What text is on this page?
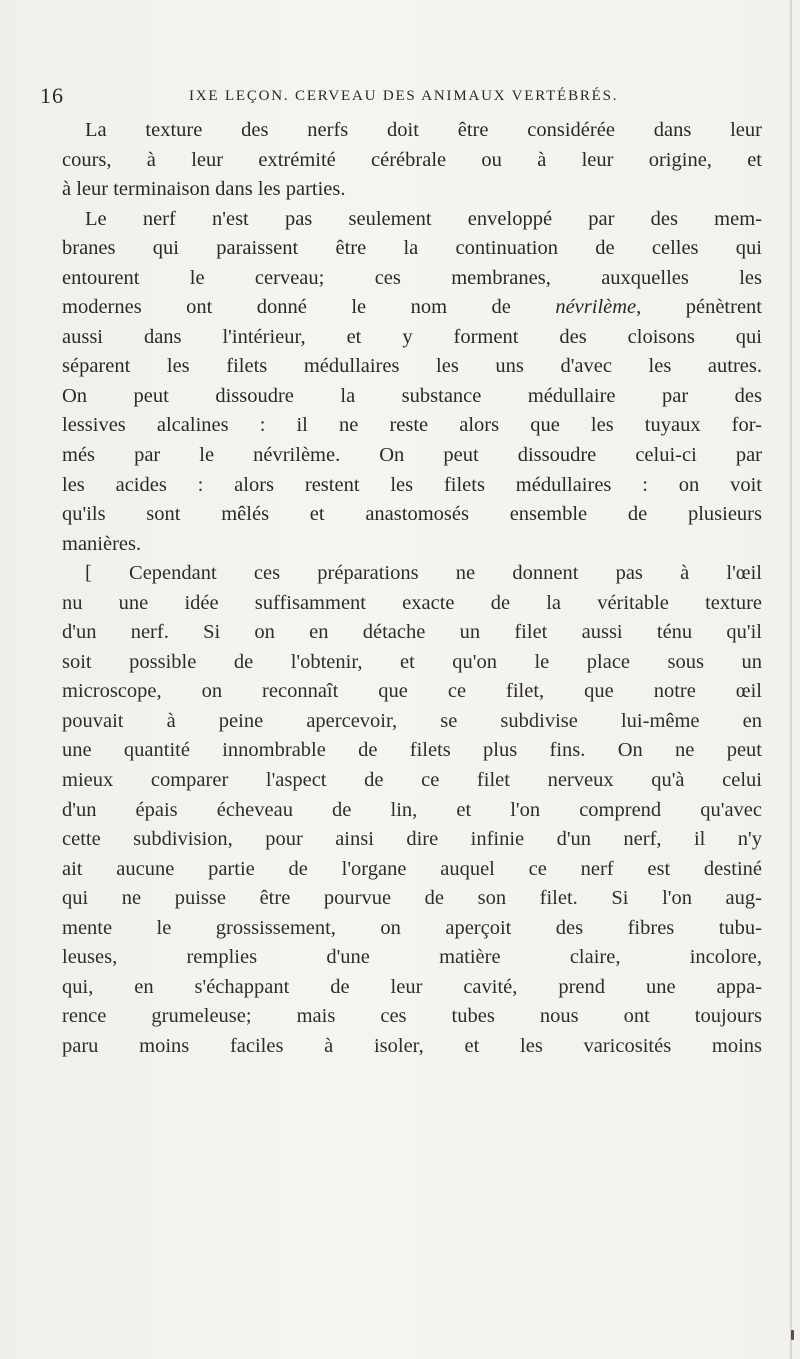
16	IXE LEÇON. CERVEAU DES ANIMAUX VERTÉBRÉS.
La texture des nerfs doit être considérée dans leur
cours, à leur extrémité cérébrale ou à leur origine, et
à leur terminaison dans les parties.
Le nerf n'est pas seulement enveloppé par des mem-
branes qui paraissent être la continuation de celles qui
entourent le cerveau; ces membranes, auxquelles les
modernes ont donné le nom de névrilème, pénètrent
aussi dans l'intérieur, et y forment des cloisons qui
séparent les filets médullaires les uns d'avec les autres.
On peut dissoudre la substance médullaire par des
lessives alcalines : il ne reste alors que les tuyaux for-
més par le névrilème. On peut dissoudre celui-ci par
les acides : alors restent les filets médullaires : on voit
qu'ils sont mêlés et anastomosés ensemble de plusieurs
manières.
[ Cependant ces préparations ne donnent pas à l'œil
nu une idée suffisamment exacte de la véritable texture
d'un nerf. Si on en détache un filet aussi ténu qu'il
soit possible de l'obtenir, et qu'on le place sous un
microscope, on reconnaît que ce filet, que notre œil
pouvait à peine apercevoir, se subdivise lui-même en
une quantité innombrable de filets plus fins. On ne peut
mieux comparer l'aspect de ce filet nerveux qu'à celui
d'un épais écheveau de lin, et l'on comprend qu'avec
cette subdivision, pour ainsi dire infinie d'un nerf, il n'y
ait aucune partie de l'organe auquel ce nerf est destiné
qui ne puisse être pourvue de son filet. Si l'on aug-
mente le grossissement, on aperçoit des fibres tubu-
leuses, remplies d'une matière claire, incolore,
qui, en s'échappant de leur cavité, prend une appa-
rence grumeleuse; mais ces tubes nous ont toujours
paru moins faciles à isoler, et les varicosités moins
